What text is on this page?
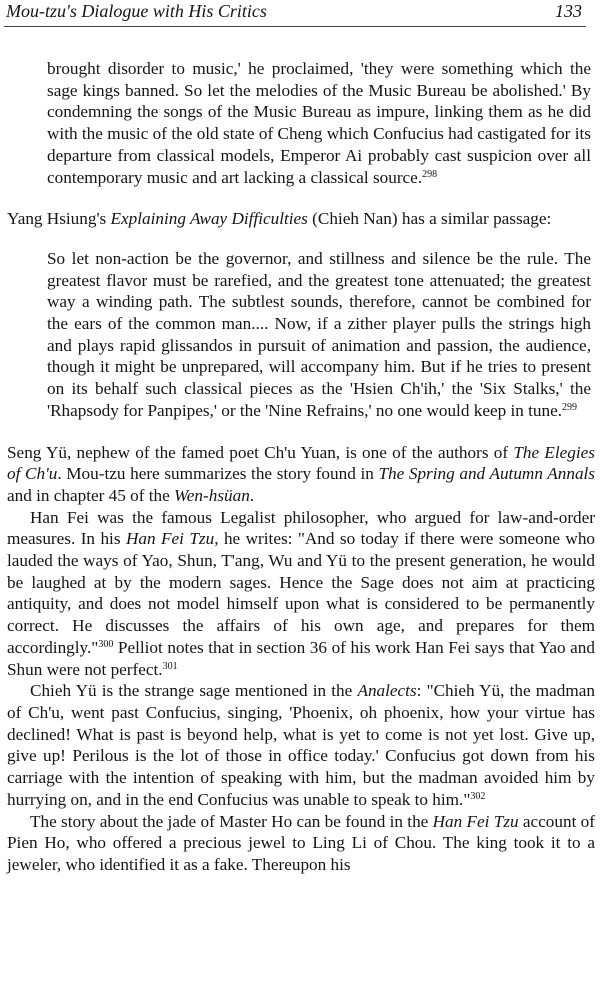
Mou-tzu's Dialogue with His Critics	133

brought disorder to music,' he proclaimed, 'they were something which the sage kings banned. So let the melodies of the Music Bureau be abolished.' By condemning the songs of the Music Bureau as impure, linking them as he did with the music of the old state of Cheng which Confucius had castigated for its departure from classical models, Emperor Ai probably cast suspicion over all contemporary music and art lacking a classical source.$^{298}$

Yang Hsiung's Explaining Away Difficulties (Chieh Nan) has a similar passage:

So let non-action be the governor, and stillness and silence be the rule. The greatest flavor must be rarefied, and the greatest tone attenuated; the greatest way a winding path. The subtlest sounds, therefore, cannot be combined for the ears of the common man.... Now, if a zither player pulls the strings high and plays rapid glissandos in pursuit of animation and passion, the audience, though it might be unprepared, will accompany him. But if he tries to present on its behalf such classical pieces as the 'Hsien Ch'ih,' the 'Six Stalks,' the 'Rhapsody for Panpipes,' or the 'Nine Refrains,' no one would keep in tune.$^{299}$

Seng Yü, nephew of the famed poet Ch'u Yuan, is one of the authors of The Elegies of Ch'u. Mou-tzu here summarizes the story found in The Spring and Autumn Annals and in chapter 45 of the Wen-hsüan.

Han Fei was the famous Legalist philosopher, who argued for law-and-order measures. In his Han Fei Tzu, he writes: "And so today if there were someone who lauded the ways of Yao, Shun, T'ang, Wu and Yü to the present generation, he would be laughed at by the modern sages. Hence the Sage does not aim at practicing antiquity, and does not model himself upon what is considered to be permanently correct. He discusses the affairs of his own age, and prepares for them accordingly."$^{300}$ Pelliot notes that in section 36 of his work Han Fei says that Yao and Shun were not perfect.$^{301}$

Chieh Yü is the strange sage mentioned in the Analects: "Chieh Yü, the madman of Ch'u, went past Confucius, singing, 'Phoenix, oh phoenix, how your virtue has declined! What is past is beyond help, what is yet to come is not yet lost. Give up, give up! Perilous is the lot of those in office today.' Confucius got down from his carriage with the intention of speaking with him, but the madman avoided him by hurrying on, and in the end Confucius was unable to speak to him."$^{302}$

The story about the jade of Master Ho can be found in the Han Fei Tzu account of Pien Ho, who offered a precious jewel to Ling Li of Chou. The king took it to a jeweler, who identified it as a fake. Thereupon his
